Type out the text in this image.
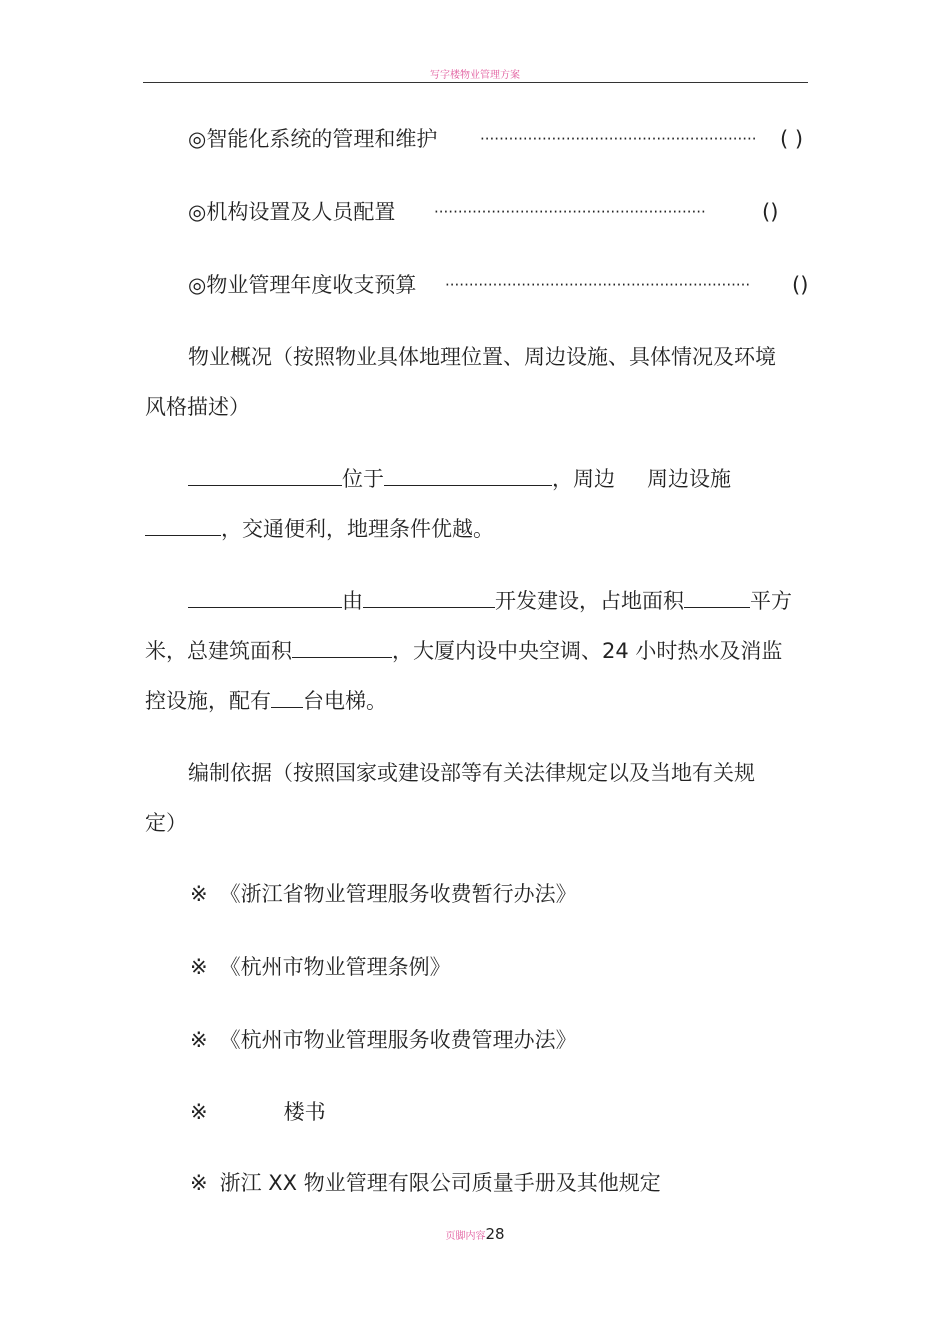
写字楼物业管理方案
◎智能化系统的管理和维护	·························································· ( )
◎机构设置及人员配置	·························································	()
◎物业管理年度收支预算 ································································ ()
物业概况（按照物业具体地理位置、周边设施、具体情况及环境
风格描述）
位于	，周边 周边设施
，交通便利，地理条件优越。
由	开发建设，占地面积	平方
米，总建筑面积	，大厦内设中央空调、24 小时热水及消监
控设施，配有 台电梯。
编制依据（按照国家或建设部等有关法律规定以及当地有关规
定）
※ 《浙江省物业管理服务收费暂行办法》
※ 《杭州市物业管理条例》
※ 《杭州市物业管理服务收费管理办法》
※	楼书
※ 浙江 XX 物业管理有限公司质量手册及其他规定
页脚内容28
